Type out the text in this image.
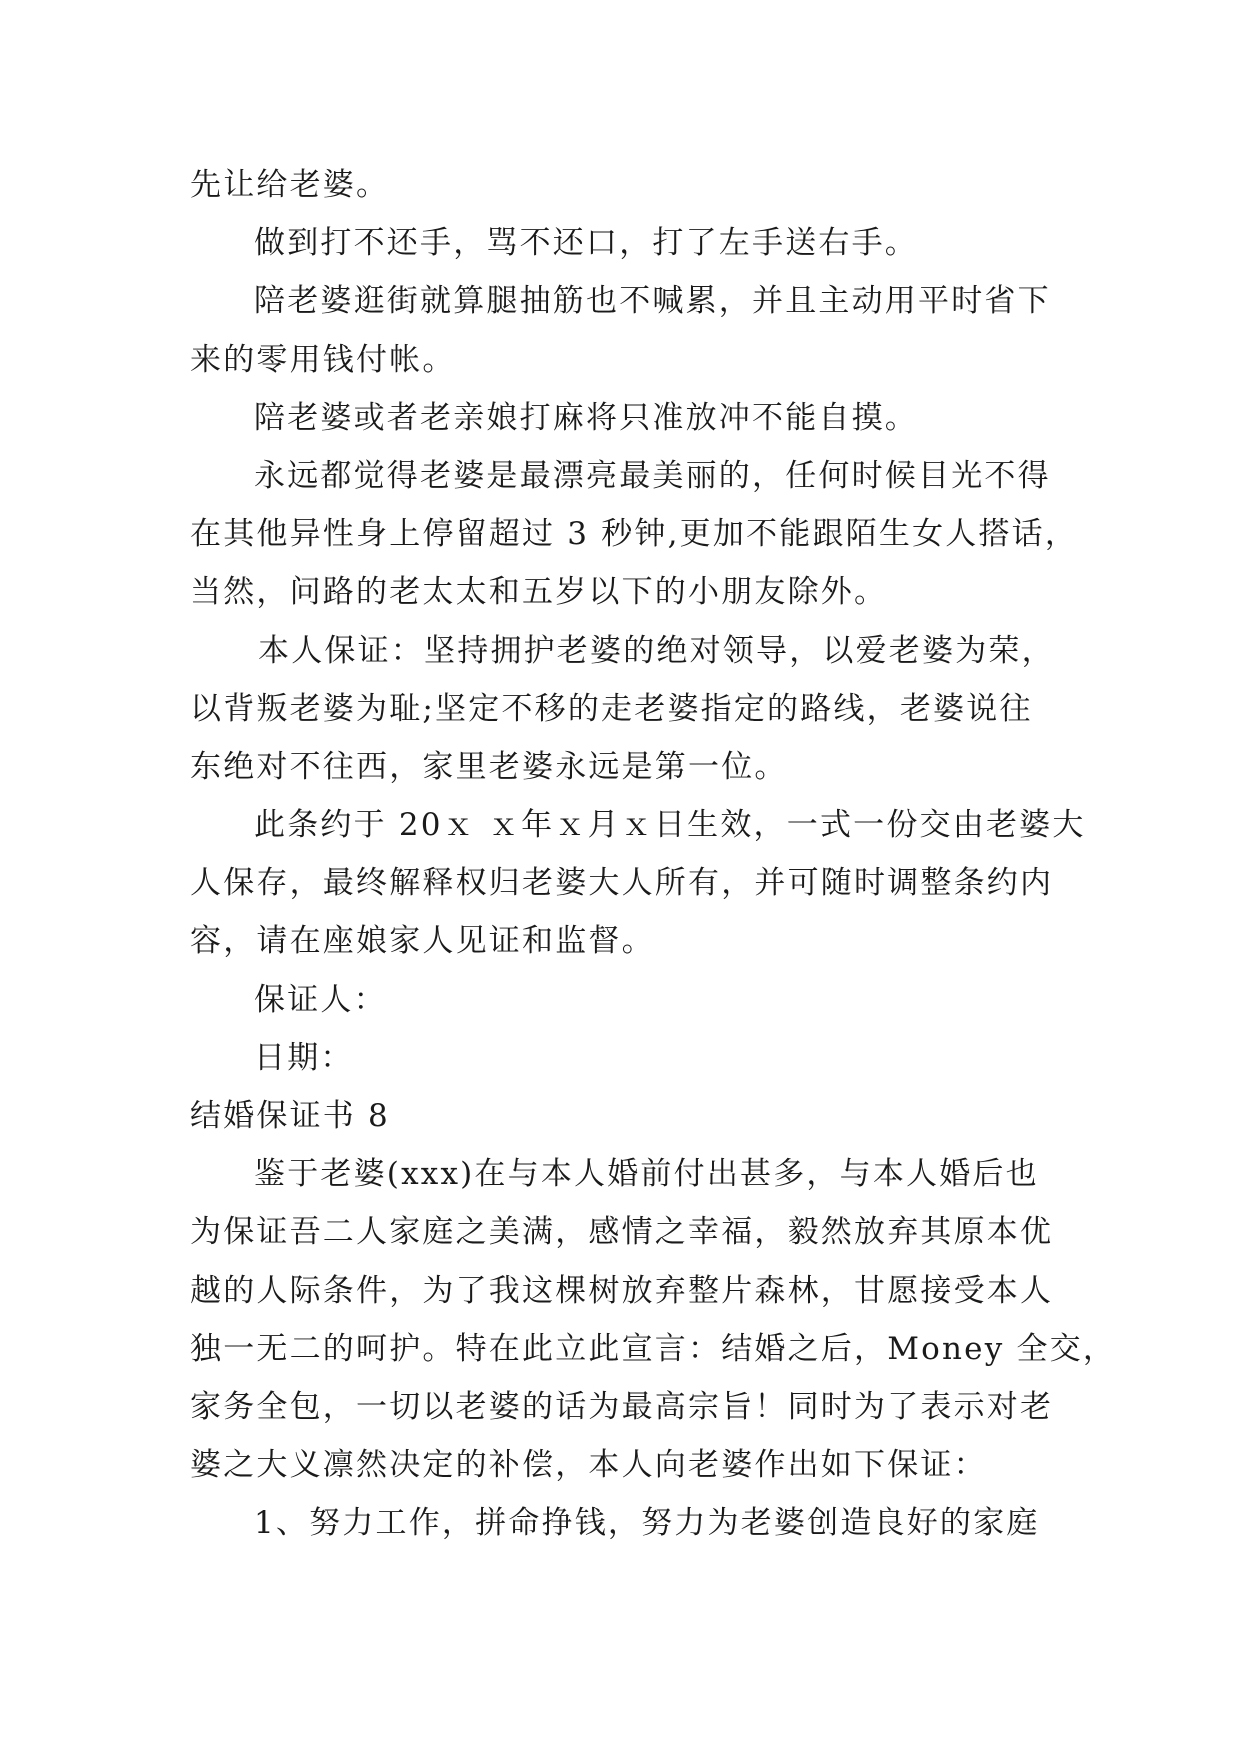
先让给老婆。
做到打不还手，骂不还口，打了左手送右手。
陪老婆逛街就算腿抽筋也不喊累，并且主动用平时省下
来的零用钱付帐。
陪老婆或者老亲娘打麻将只准放冲不能自摸。
永远都觉得老婆是最漂亮最美丽的，任何时候目光不得
在其他异性身上停留超过 3 秒钟,更加不能跟陌生女人搭话，
当然，问路的老太太和五岁以下的小朋友除外。
本人保证：坚持拥护老婆的绝对领导，以爱老婆为荣，
以背叛老婆为耻;坚定不移的走老婆指定的路线，老婆说往
东绝对不往西，家里老婆永远是第一位。
此条约于 20ｘ ｘ年ｘ月ｘ日生效，一式一份交由老婆大
人保存，最终解释权归老婆大人所有，并可随时调整条约内
容，请在座娘家人见证和监督。
保证人：
日期：
结婚保证书 8
鉴于老婆(xxx)在与本人婚前付出甚多，与本人婚后也
为保证吾二人家庭之美满，感情之幸福，毅然放弃其原本优
越的人际条件，为了我这棵树放弃整片森林，甘愿接受本人
独一无二的呵护。特在此立此宣言：结婚之后，Money 全交，
家务全包，一切以老婆的话为最高宗旨！同时为了表示对老
婆之大义凛然决定的补偿，本人向老婆作出如下保证：
1、努力工作，拼命挣钱，努力为老婆创造良好的家庭
